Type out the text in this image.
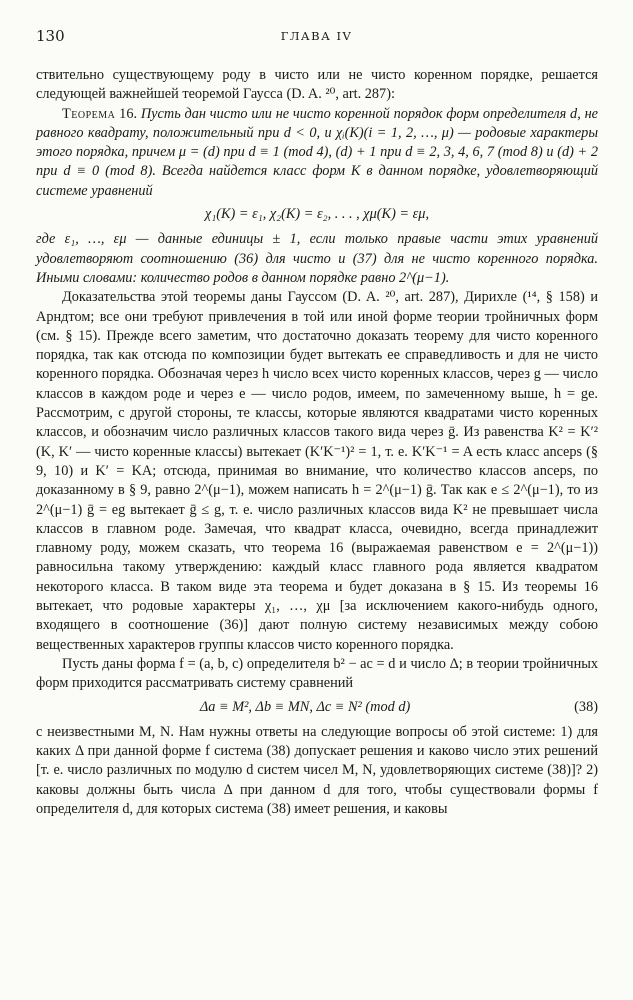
130	ГЛАВА IV

ствительно существующему роду в чисто или не чисто коренном порядке, решается следующей важнейшей теоремой Гаусса (D. A. ²⁰, art. 287):

Теорема 16. Пусть дан чисто или не чисто коренной порядок форм определителя d, не равного квадрату, положительный при d < 0, и χᵢ(K)(i = 1, 2, …, μ) — родовые характеры этого порядка, причем μ = (d) при d ≡ 1 (mod 4), (d) + 1 при d ≡ 2, 3, 4, 6, 7 (mod 8) и (d) + 2 при d ≡ 0 (mod 8). Всегда найдется класс форм K в данном порядке, удовлетворяющий системе уравнений

χ₁(K) = ε₁, χ₂(K) = ε₂, . . . , χμ(K) = εμ,

где ε₁, …, εμ — данные единицы ± 1, если только правые части этих уравнений удовлетворяют соотношению (36) для чисто и (37) для не чисто коренного порядка. Иными словами: количество родов в данном порядке равно 2^(μ−1).

Доказательства этой теоремы даны Гауссом (D. A. ²⁰, art. 287), Дирихле (¹⁴, § 158) и Арндтом; все они требуют привлечения в той или иной форме теории тройничных форм (см. § 15). Прежде всего заметим, что достаточно доказать теорему для чисто коренного порядка, так как отсюда по композиции будет вытекать ее справедливость и для не чисто коренного порядка. Обозначая через h число всех чисто коренных классов, через g — число классов в каждом роде и через e — число родов, имеем, по замеченному выше, h = ge. Рассмотрим, с другой стороны, те классы, которые являются квадратами чисто коренных классов, и обозначим число различных классов такого вида через ḡ. Из равенства K² = K′² (K, K′ — чисто коренные классы) вытекает (K′K⁻¹)² = 1, т. е. K′K⁻¹ = A есть класс anceps (§ 9, 10) и K′ = KA; отсюда, принимая во внимание, что количество классов anceps, по доказанному в § 9, равно 2^(μ−1), можем написать h = 2^(μ−1) ḡ. Так как e ≤ 2^(μ−1), то из 2^(μ−1) ḡ = eg вытекает ḡ ≤ g, т. е. число различных классов вида K² не превышает числа классов в главном роде. Замечая, что квадрат класса, очевидно, всегда принадлежит главному роду, можем сказать, что теорема 16 (выражаемая равенством e = 2^(μ−1)) равносильна такому утверждению: каждый класс главного рода является квадратом некоторого класса. В таком виде эта теорема и будет доказана в § 15. Из теоремы 16 вытекает, что родовые характеры χ₁, …, χμ [за исключением какого-нибудь одного, входящего в соотношение (36)] дают полную систему независимых между собою вещественных характеров группы классов чисто коренного порядка.

Пусть даны форма f = (a, b, c) определителя b² − ac = d и число Δ; в теории тройничных форм приходится рассматривать систему сравнений

Δa ≡ M², Δb ≡ MN, Δc ≡ N² (mod d)	(38)

с неизвестными M, N. Нам нужны ответы на следующие вопросы об этой системе: 1) для каких Δ при данной форме f система (38) допускает решения и каково число этих решений [т. е. число различных по модулю d систем чисел M, N, удовлетворяющих системе (38)]? 2) каковы должны быть числа Δ при данном d для того, чтобы существовали формы f определителя d, для которых система (38) имеет решения, и каковы
